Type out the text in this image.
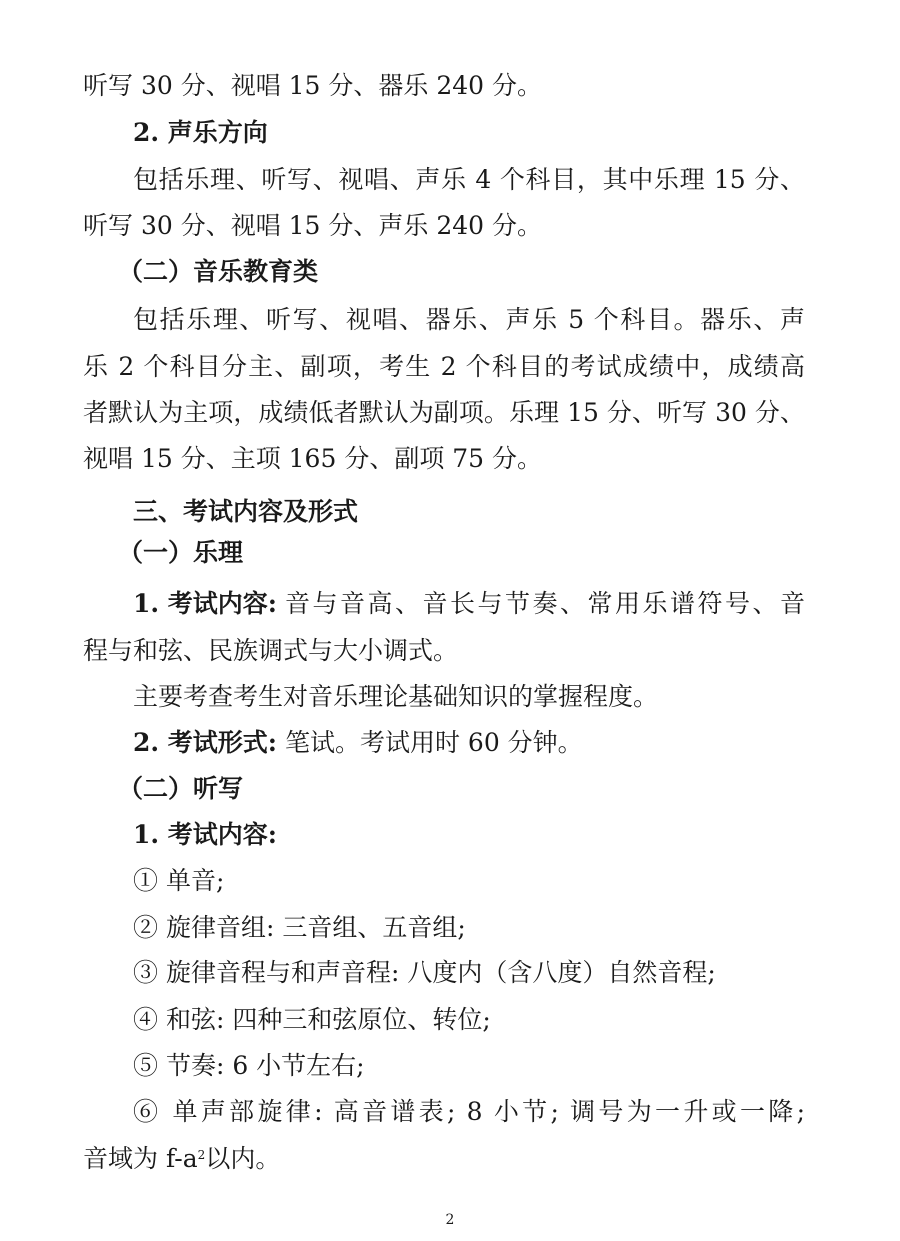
听写 30 分、视唱 15 分、器乐 240 分。
2. 声乐方向
包括乐理、听写、视唱、声乐 4 个科目，其中乐理 15 分、
听写 30 分、视唱 15 分、声乐 240 分。
（二）音乐教育类
包括乐理、听写、视唱、器乐、声乐 5 个科目。器乐、声
乐 2 个科目分主、副项，考生 2 个科目的考试成绩中，成绩高
者默认为主项，成绩低者默认为副项。乐理 15 分、听写 30 分、
视唱 15 分、主项 165 分、副项 75 分。
三、考试内容及形式
（一）乐理
1. 考试内容: 音与音高、音长与节奏、常用乐谱符号、音
程与和弦、民族调式与大小调式。
主要考查考生对音乐理论基础知识的掌握程度。
2. 考试形式: 笔试。考试用时 60 分钟。
（二）听写
1. 考试内容:
① 单音;
② 旋律音组: 三音组、五音组;
③ 旋律音程与和声音程: 八度内（含八度）自然音程;
④ 和弦: 四种三和弦原位、转位;
⑤ 节奏: 6 小节左右;
⑥ 单声部旋律: 高音谱表; 8 小节; 调号为一升或一降;
音域为 $f-a^2$以内。
2
